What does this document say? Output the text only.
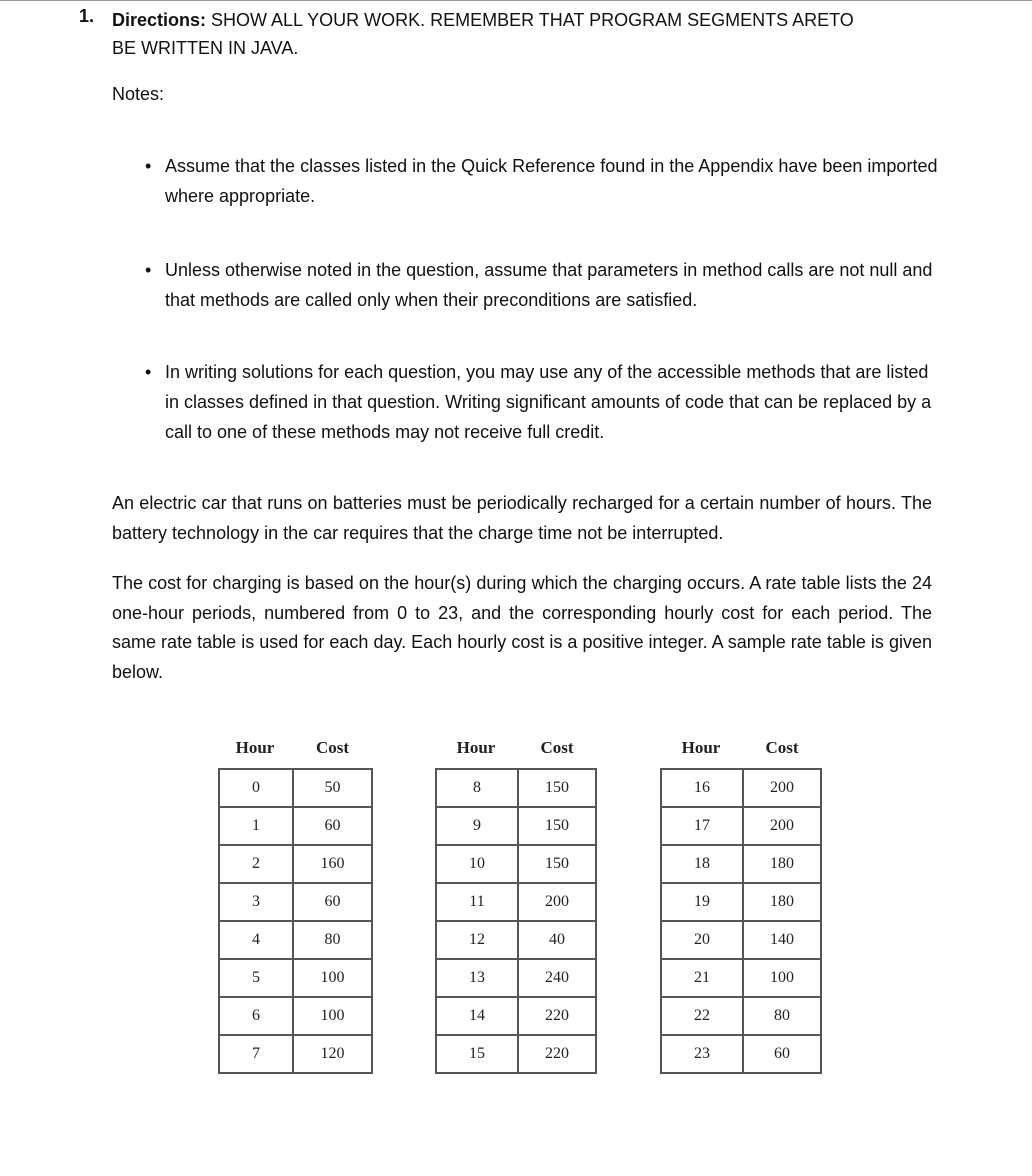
1. Directions: SHOW ALL YOUR WORK. REMEMBER THAT PROGRAM SEGMENTS ARETO
BE WRITTEN IN JAVA.
Notes:
• Assume that the classes listed in the Quick Reference found in the Appendix have been imported where appropriate.
• Unless otherwise noted in the question, assume that parameters in method calls are not null and that methods are called only when their preconditions are satisfied.
• In writing solutions for each question, you may use any of the accessible methods that are listed in classes defined in that question. Writing significant amounts of code that can be replaced by a call to one of these methods may not receive full credit.
An electric car that runs on batteries must be periodically recharged for a certain number of hours. The battery technology in the car requires that the charge time not be interrupted.
The cost for charging is based on the hour(s) during which the charging occurs. A rate table lists the 24 one-hour periods, numbered from 0 to 23, and the corresponding hourly cost for each period. The same rate table is used for each day. Each hourly cost is a positive integer. A sample rate table is given below.
Hour	Cost
0	50
1	60
2	160
3	60
4	80
5	100
6	100
7	120
Hour	Cost
8	150
9	150
10	150
11	200
12	40
13	240
14	220
15	220
Hour	Cost
16	200
17	200
18	180
19	180
20	140
21	100
22	80
23	60
